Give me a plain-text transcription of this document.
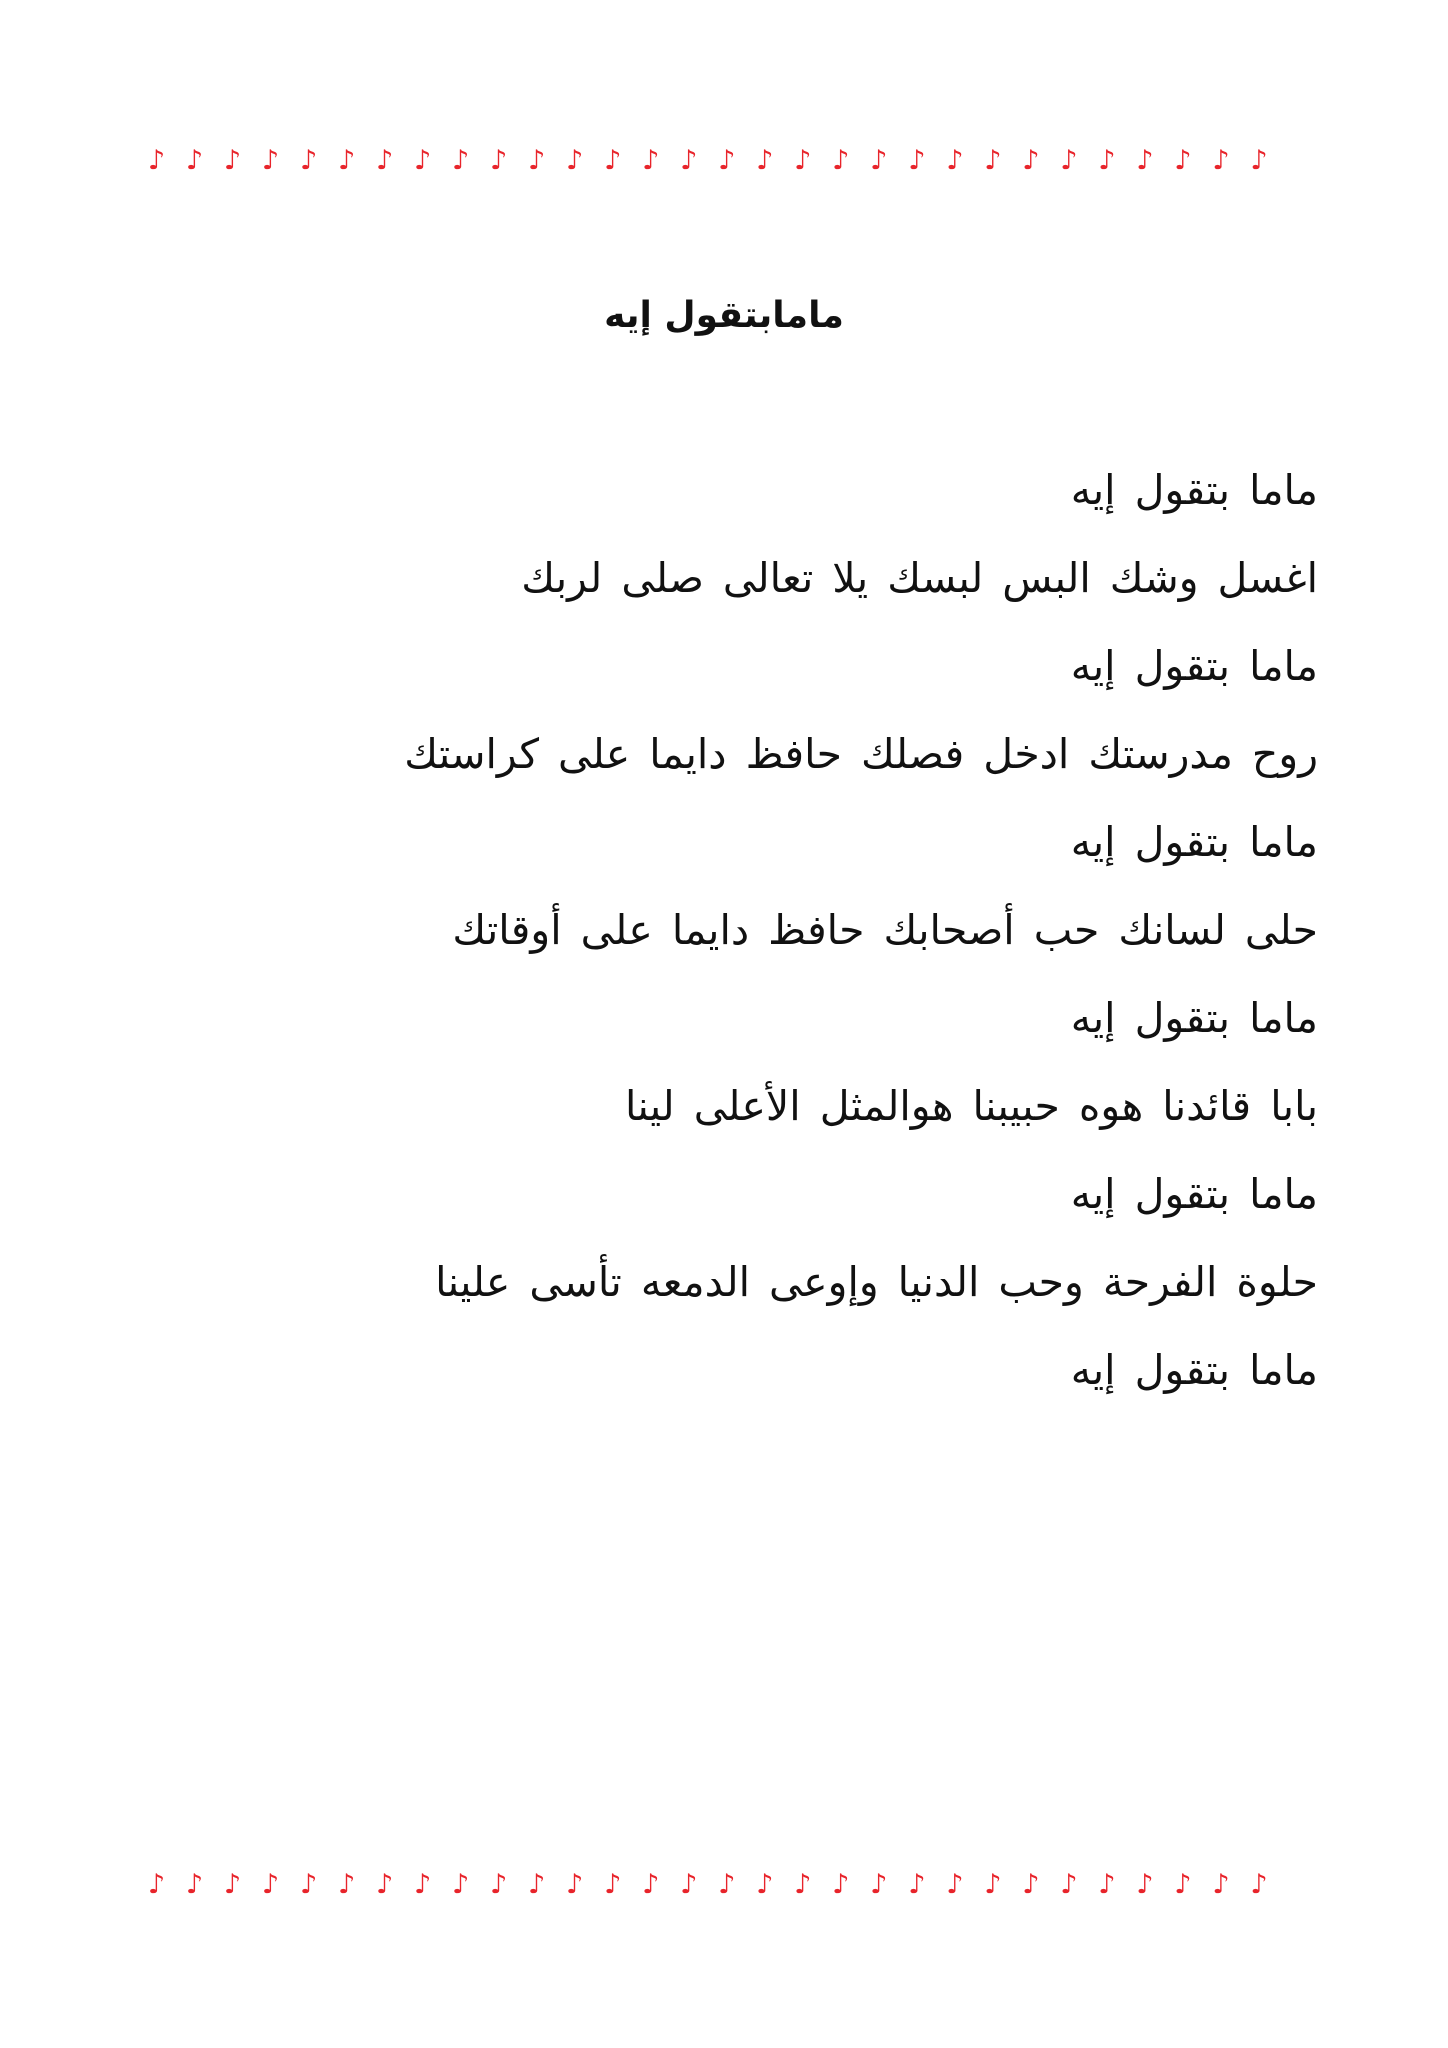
♪ ♪ ♪ ♪ ♪ ♪ ♪ ♪ ♪ ♪ ♪ ♪ ♪ ♪ ♪ ♪ ♪ ♪ ♪ ♪ ♪ ♪ ♪ ♪ ♪ ♪ ♪ ♪ ♪ ♪
مامابتقول إيه
ماما بتقول إيه
اغسل وشك البس لبسك يلا تعالى صلى لربك
ماما بتقول إيه
روح مدرستك ادخل فصلك حافظ دايما على كراستك
ماما بتقول إيه
حلى لسانك حب أصحابك حافظ دايما على أوقاتك
ماما بتقول إيه
بابا قائدنا هوه حبيبنا هوالمثل الأعلى لينا
ماما بتقول إيه
حلوة الفرحة وحب الدنيا وإوعى الدمعه تأسى علينا
ماما بتقول إيه
♪ ♪ ♪ ♪ ♪ ♪ ♪ ♪ ♪ ♪ ♪ ♪ ♪ ♪ ♪ ♪ ♪ ♪ ♪ ♪ ♪ ♪ ♪ ♪ ♪ ♪ ♪ ♪ ♪ ♪
